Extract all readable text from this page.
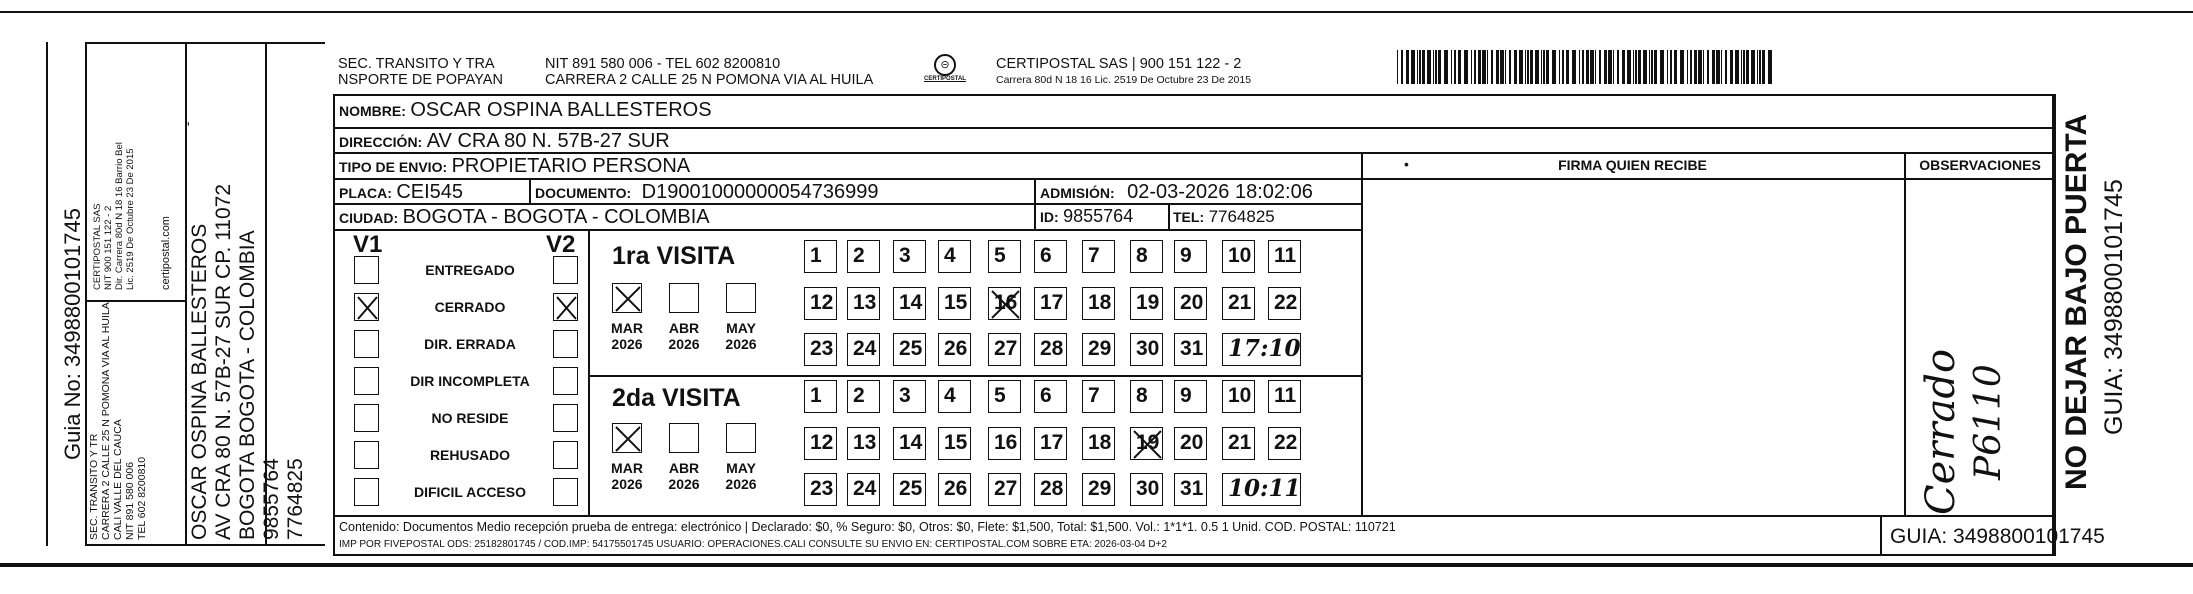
Guia No: 3498800101745
SEC. TRANSITO Y TR CARRERA 2 CALLE 25 N POMONA VIA AL HUILA CALI VALLE DEL CAUCA NIT 891 580 006 TEL 602 8200810
CERTIPOSTAL SAS NIT 900 151 122 - 2 Dir. Carrera 80d N 18 16 Barrio Bel Lic. 2519 De Octubre 23 De 2015 certipostal.com OSCAR OSPINA BALLESTEROS AV CRA 80 N. 57B-27 SUR CP. 11072 BOGOTA BOGOTA - COLOMBIA 9855764 7764825
ˈ
SEC. TRANSITO Y TRA
NSPORTE DE POPAYAN
NIT 891 580 006 - TEL 602 8200810
CARRERA 2 CALLE 25 N POMONA VIA AL HUILA
⊝
CERTIPOSTAL
CERTIPOSTAL SAS | 900 151 122 - 2
Carrera 80d N 18 16 Lic. 2519 De Octubre 23 De 2015
NOMBRE: OSCAR OSPINA BALLESTEROS
DIRECCIÓN: AV CRA 80 N. 57B-27 SUR
TIPO DE ENVIO: PROPIETARIO PERSONA
PLACA: CEI545	DOCUMENTO: D19001000000054736999	ADMISIÓN: 02-03-2026 18:02:06
CIUDAD: BOGOTA - BOGOTA - COLOMBIA	ID: 9855764	TEL: 7764825
•	FIRMA QUIEN RECIBE	OBSERVACIONES
Cerrado P6110
V1	V2
ENTREGADO
CERRADO
DIR. ERRADA
DIR INCOMPLETA
NO RESIDE
REHUSADO
DIFICIL ACCESO
1ra VISITA
2da VISITA
MAR
2026
ABR
2026
MAY
2026
1	2	3	4	5	6	7	8	9	10 11
12 13 14 15 16 17 18 19 20 21 22
23 24 25 26 27 28 29 30 31 17:10
MAR
2026
ABR
2026
MAY
2026
1	2	3	4	5	6	7	8	9	10 11
12 13 14 15 16 17 18 19 20 21 22
23 24 25 26 27 28 29 30 31 10:11
Contenido: Documentos Medio recepción prueba de entrega: electrónico | Declarado: $0, % Seguro: $0, Otros: $0, Flete: $1,500, Total: $1,500. Vol.: 1*1*1. 0.5 1 Unid. COD. POSTAL: 110721
IMP POR FIVEPOSTAL ODS: 25182801745 / COD.IMP: 54175501745 USUARIO: OPERACIONES.CALI CONSULTE SU ENVIO EN: CERTIPOSTAL.COM SOBRE ETA: 2026-03-04 D+2	GUIA: 3498800101745
NO DEJAR BAJO PUERTA GUIA: 3498800101745
